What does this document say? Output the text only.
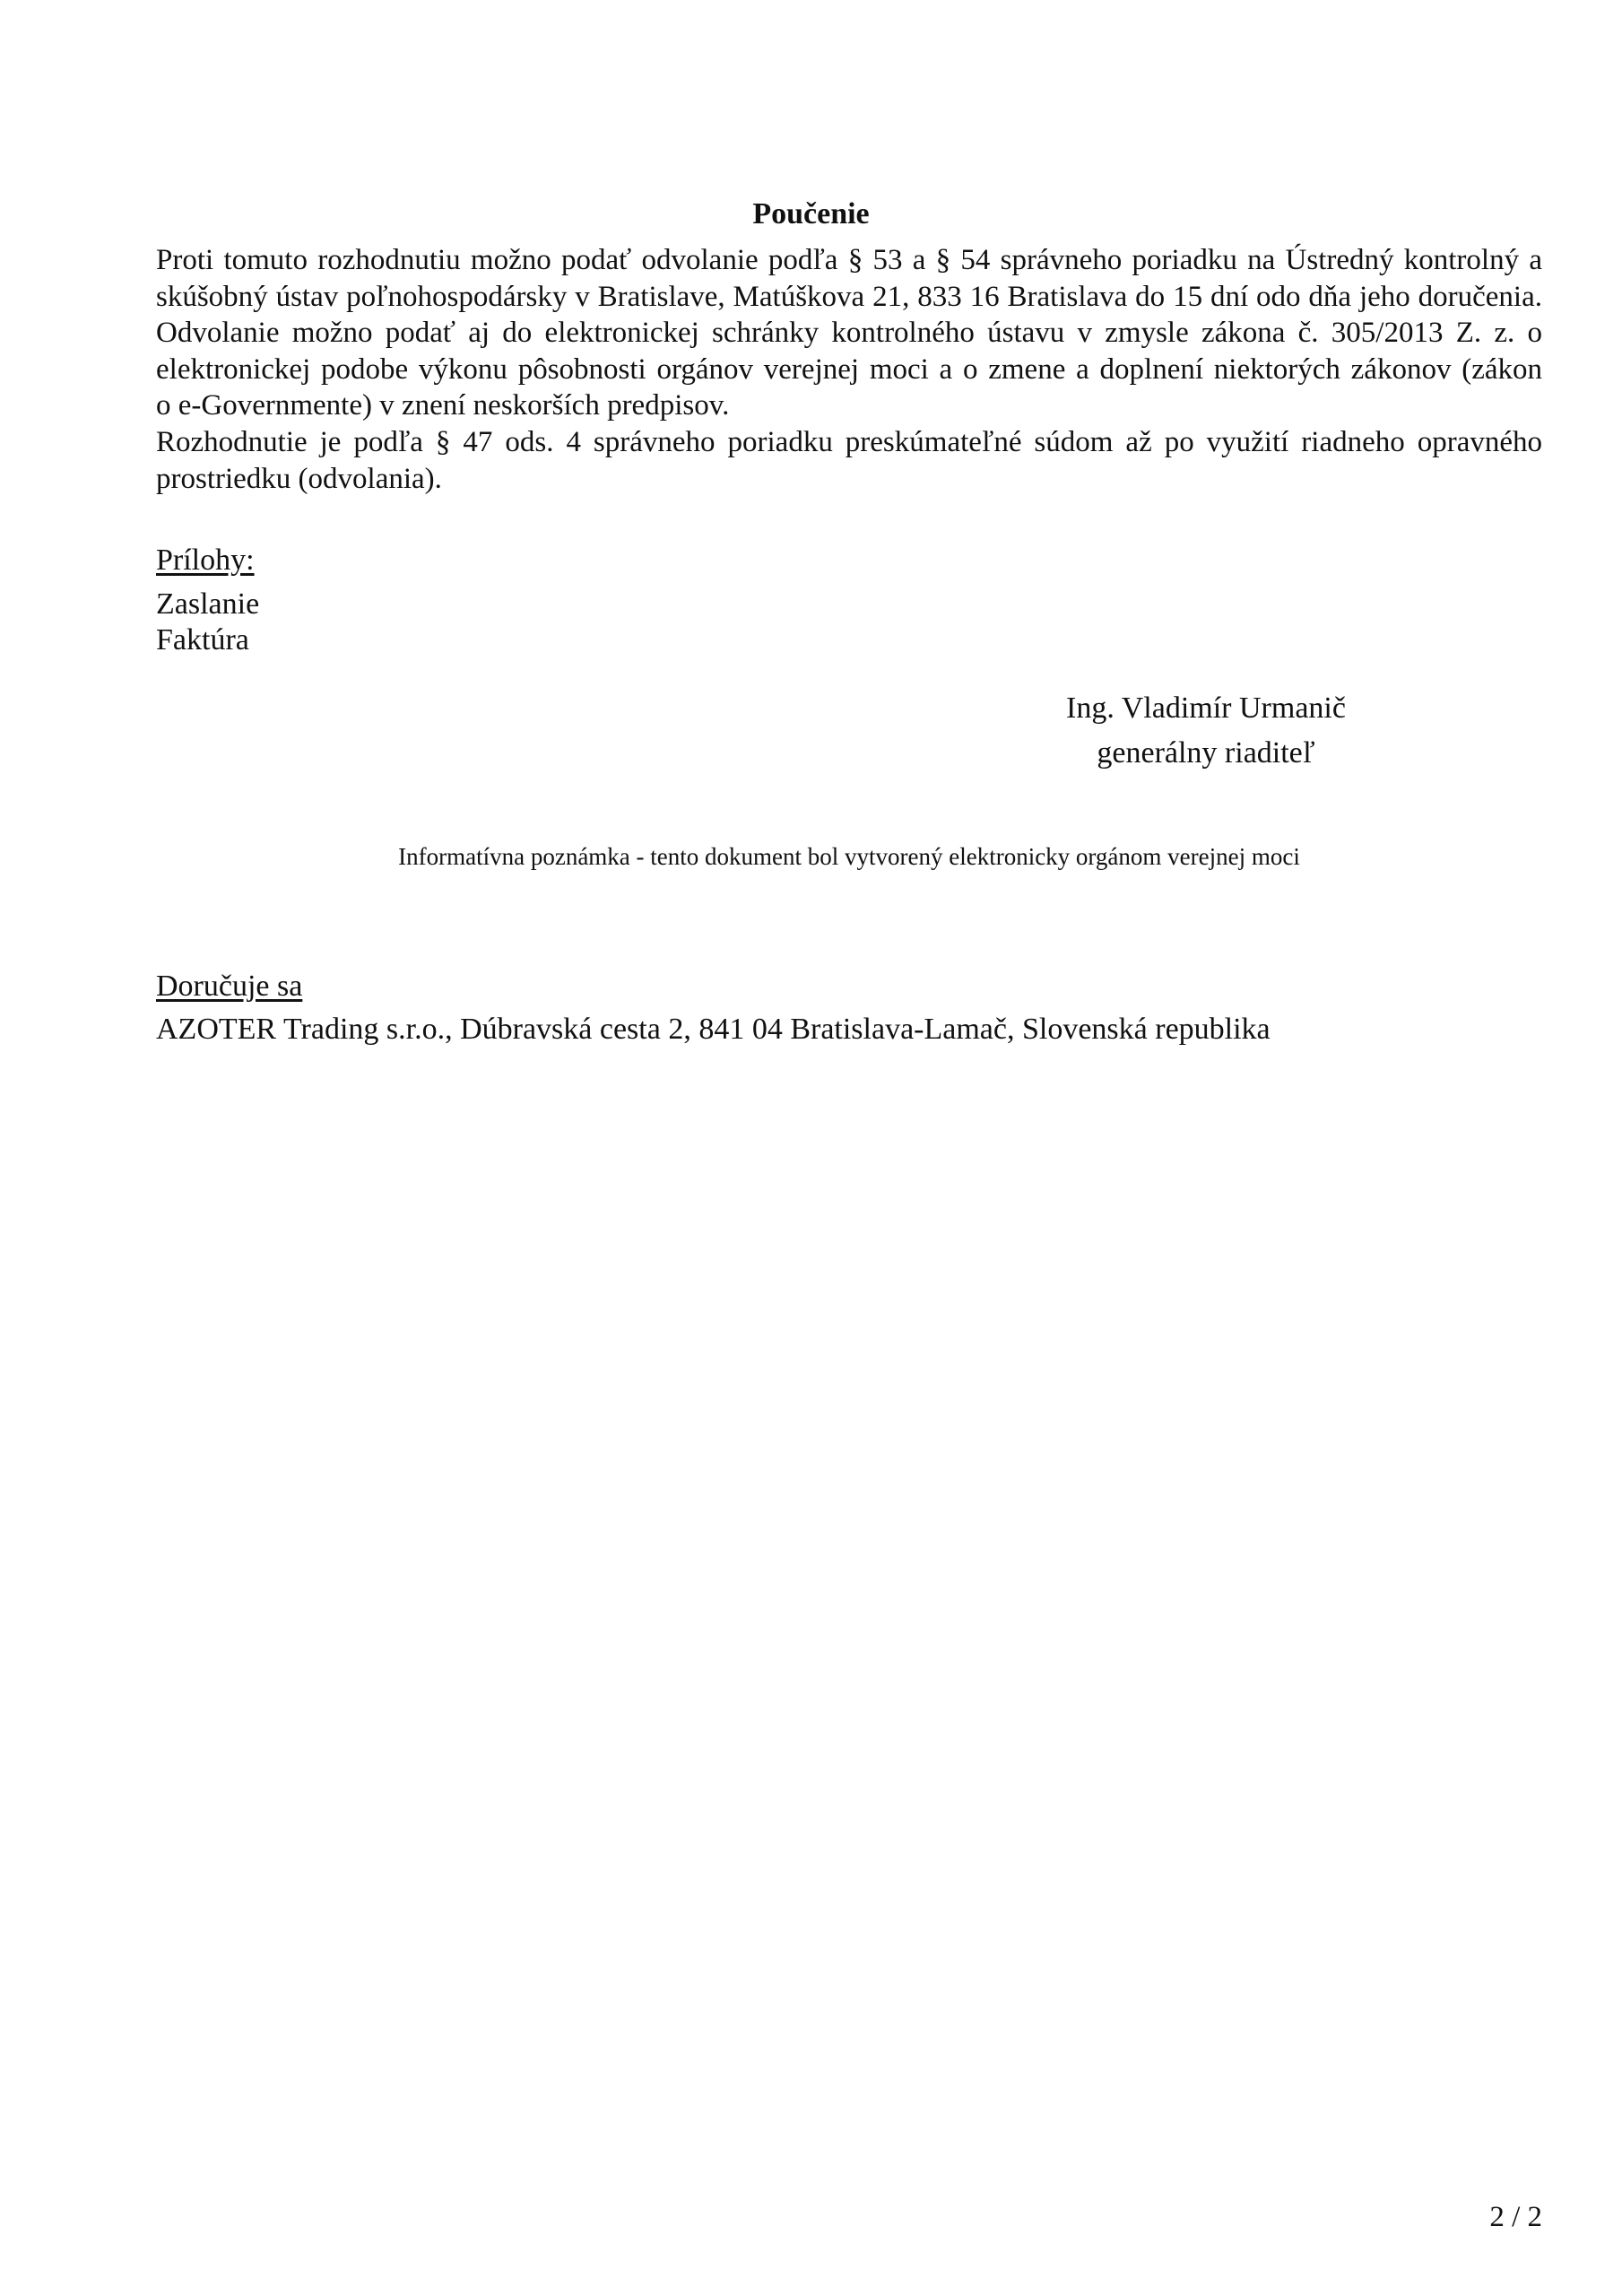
Poučenie
Proti tomuto rozhodnutiu možno podať odvolanie podľa § 53 a § 54 správneho poriadku na Ústredný kontrolný a
skúšobný ústav poľnohospodársky v Bratislave, Matúškova 21, 833 16 Bratislava do 15 dní odo dňa jeho doručenia.
Odvolanie možno podať aj do elektronickej schránky kontrolného ústavu v zmysle zákona č. 305/2013 Z. z. o
elektronickej podobe výkonu pôsobnosti orgánov verejnej moci a o zmene a doplnení niektorých zákonov (zákon
o e-Governmente) v znení neskorších predpisov.
Rozhodnutie je podľa § 47 ods. 4 správneho poriadku preskúmateľné súdom až po využití riadneho opravného
prostriedku (odvolania).
Prílohy:
Zaslanie
Faktúra
Ing. Vladimír Urmanič
generálny riaditeľ
Informatívna poznámka - tento dokument bol vytvorený elektronicky orgánom verejnej moci
Doručuje sa
AZOTER Trading s.r.o., Dúbravská cesta 2, 841 04 Bratislava-Lamač, Slovenská republika
2 / 2
